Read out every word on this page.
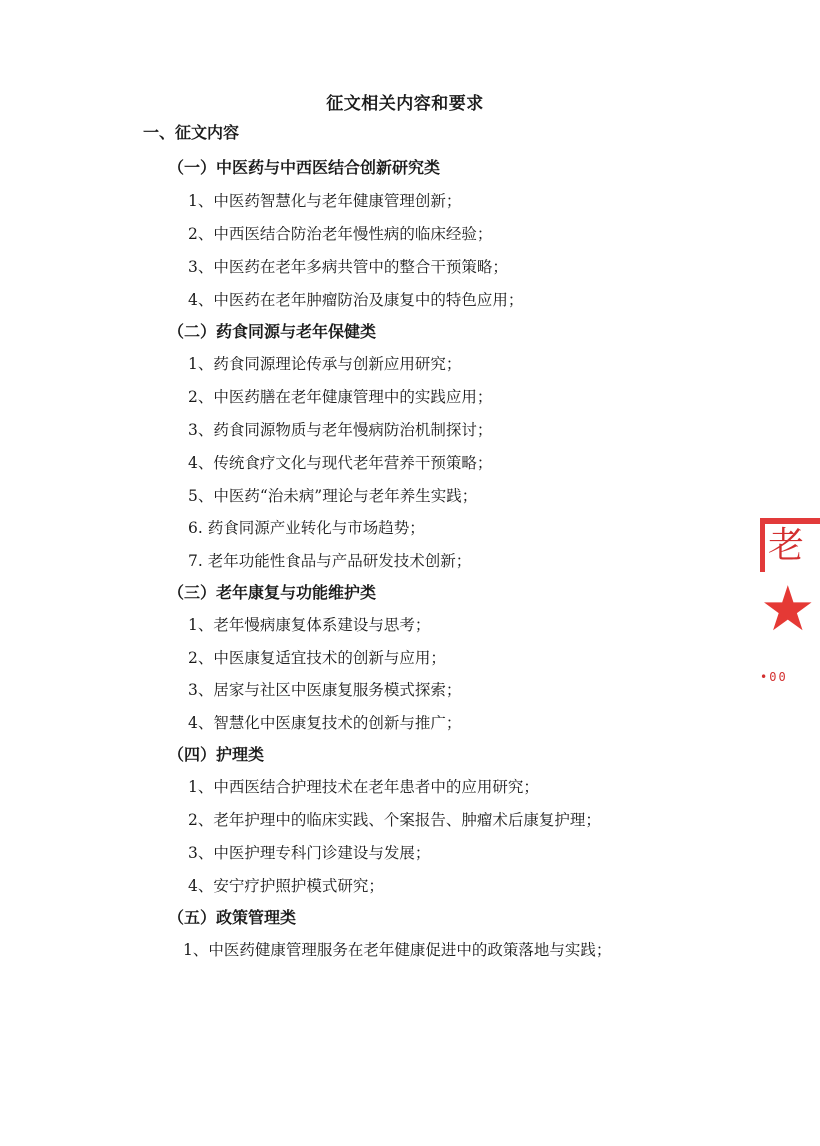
征文相关内容和要求
一、征文内容
（一）中医药与中西医结合创新研究类
1、中医药智慧化与老年健康管理创新；
2、中西医结合防治老年慢性病的临床经验；
3、中医药在老年多病共管中的整合干预策略；
4、中医药在老年肿瘤防治及康复中的特色应用；
（二）药食同源与老年保健类
1、药食同源理论传承与创新应用研究；
2、中医药膳在老年健康管理中的实践应用；
3、药食同源物质与老年慢病防治机制探讨；
4、传统食疗文化与现代老年营养干预策略；
5、中医药“治未病”理论与老年养生实践；
6. 药食同源产业转化与市场趋势；
7. 老年功能性食品与产品研发技术创新；
（三）老年康复与功能维护类
1、老年慢病康复体系建设与思考；
2、中医康复适宜技术的创新与应用；
3、居家与社区中医康复服务模式探索；
4、智慧化中医康复技术的创新与推广；
（四）护理类
1、中西医结合护理技术在老年患者中的应用研究；
2、老年护理中的临床实践、个案报告、肿瘤术后康复护理；
3、中医护理专科门诊建设与发展；
4、安宁疗护照护模式研究；
（五）政策管理类
1、中医药健康管理服务在老年健康促进中的政策落地与实践；
老
★
•00
